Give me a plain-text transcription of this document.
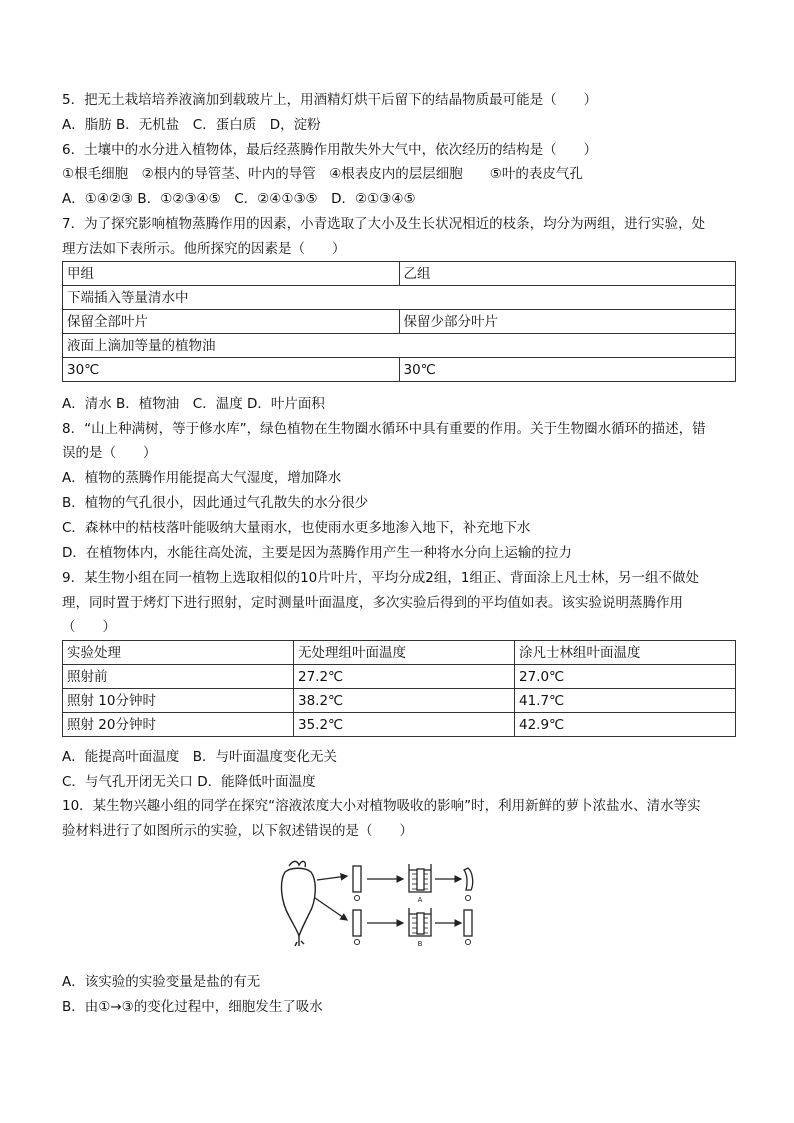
5．把无土栽培培养液滴加到载玻片上，用酒精灯烘干后留下的结晶物质最可能是（　　）
A．脂肪 B．无机盐　C．蛋白质　D，淀粉
6．土壤中的水分进入植物体，最后经蒸腾作用散失外大气中，依次经历的结构是（　　）
①根毛细胞　②根内的导管茎、叶内的导管　④根表皮内的层层细胞　　⑤叶的表皮气孔
A．①④②③ B．①②③④⑤　C．②④①③⑤　D．②①③④⑤
7．为了探究影响植物蒸腾作用的因素，小青选取了大小及生长状况相近的枝条，均分为两组，进行实验，处
理方法如下表所示。他所探究的因素是（　　）
甲组	乙组
下端插入等量清水中	
保留全部叶片	保留少部分叶片
液面上滴加等量的植物油	
30℃	30℃
A．清水 B．植物油　C．温度 D．叶片面积
8．“山上种满树，等于修水库”，绿色植物在生物圈水循环中具有重要的作用。关于生物圈水循环的描述，错
误的是（　　）
A．植物的蒸腾作用能提高大气湿度，增加降水
B．植物的气孔很小，因此通过气孔散失的水分很少
C．森林中的枯枝落叶能吸纳大量雨水，也使雨水更多地渗入地下，补充地下水
D．在植物体内，水能往高处流，主要是因为蒸腾作用产生一种将水分向上运输的拉力
9．某生物小组在同一植物上选取相似的10片叶片，平均分成2组，1组正、背面涂上凡士林，另一组不做处
理，同时置于烤灯下进行照射，定时测量叶面温度，多次实验后得到的平均值如表。该实验说明蒸腾作用
（　　）
实验处理	无处理组叶面温度	涂凡士林组叶面温度
照射前	27.2℃	27.0℃
照射 10分钟时	38.2℃	41.7℃
照射 20分钟时	35.2℃	42.9℃
A．能提高叶面温度　B．与叶面温度变化无关
C．与气孔开闭无关口 D．能降低叶面温度
10．某生物兴趣小组的同学在探究“溶液浓度大小对植物吸收的影响”时，利用新鲜的萝卜浓盐水、清水等实
验材料进行了如图所示的实验，以下叙述错误的是（　　）
A
B
A．该实验的实验变量是盐的有无
B．由①→③的变化过程中，细胞发生了吸水
